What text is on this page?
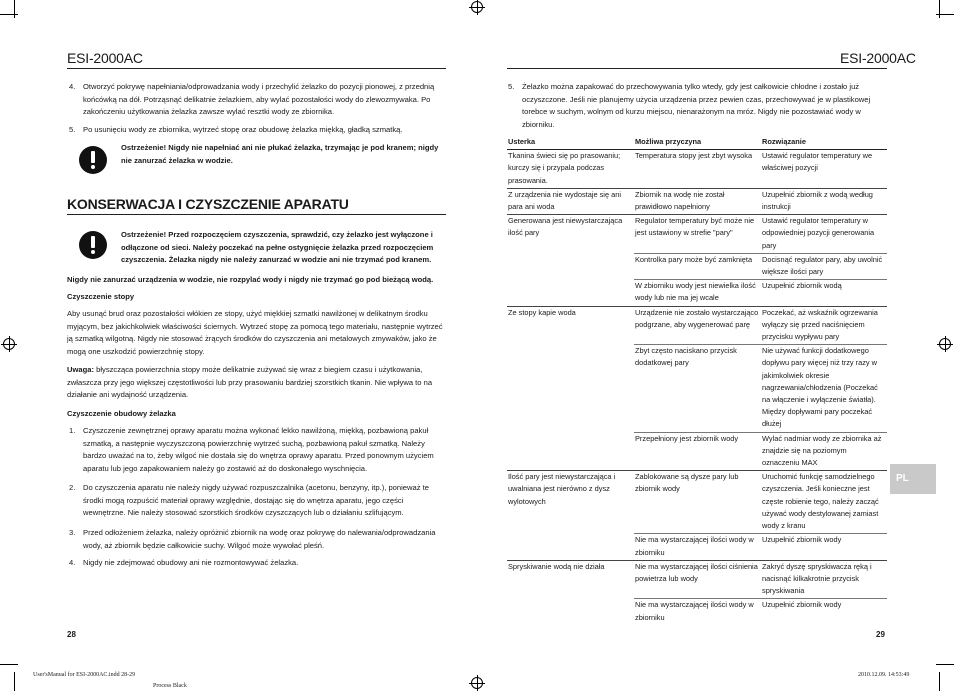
ESI-2000AC
4. Otworzyć pokrywę napełniania/odprowadzania wody i przechylić żelazko do pozycji pionowej, z przednią końcówką na dół. Potrząsnąć delikatnie żelazkiem, aby wylać pozostałości wody do zlewozmywaka. Po zakończeniu użytkowania żelazka zawsze wylać resztki wody ze zbiornika.
5. Po usunięciu wody ze zbiornika, wytrzeć stopę oraz obudowę żelazka miękką, gładką szmatką.
Ostrzeżenie! Nigdy nie napełniać ani nie płukać żelazka, trzymając je pod kranem; nigdy nie zanurzać żelazka w wodzie.
KONSERWACJA I CZYSZCZENIE APARATU
Ostrzeżenie! Przed rozpoczęciem czyszczenia, sprawdzić, czy żelazko jest wyłączone i odłączone od sieci. Należy poczekać na pełne ostygnięcie żelazka przed rozpoczęciem czyszczenia. Żelazka nigdy nie należy zanurzać w wodzie ani nie trzymać pod kranem.
Nigdy nie zanurzać urządzenia w wodzie, nie rozpylać wody i nigdy nie trzymać go pod bieżącą wodą.
Czyszczenie stopy
Aby usunąć brud oraz pozostałości włókien ze stopy, użyć miękkiej szmatki nawilżonej w delikatnym środku myjącym, bez jakichkolwiek właściwości ściernych. Wytrzeć stopę za pomocą tego materiału, następnie wytrzeć ją szmatką wilgotną. Nigdy nie stosować żrących środków do czyszczenia ani metalowych zmywaków, jako że mogą one uszkodzić powierzchnię stopy.
Uwaga: błyszcząca powierzchnia stopy może delikatnie zużywać się wraz z biegiem czasu i użytkowania, zwłaszcza przy jego większej częstotliwości lub przy prasowaniu bardziej szorstkich tkanin. Nie wpływa to na działanie ani wydajność urządzenia.
Czyszczenie obudowy żelazka
1. Czyszczenie zewnętrznej oprawy aparatu można wykonać lekko nawilżoną, miękką, pozbawioną pakuł szmatką, a następnie wyczyszczoną powierzchnię wytrzeć suchą, pozbawioną pakuł szmatką. Należy bardzo uważać na to, żeby wilgoć nie dostała się do wnętrza oprawy aparatu. Przed ponownym użyciem aparatu lub jego zapakowaniem należy go zostawić aż do doskonałego wyschnięcia.
2. Do czyszczenia aparatu nie należy nigdy używać rozpuszczalnika (acetonu, benzyny, itp.), ponieważ te środki mogą rozpuścić materiał oprawy względnie, dostając się do wnętrza aparatu, jego części wewnętrzne. Nie należy stosować szorstkich środków czyszczących lub o działaniu szlifującym.
3. Przed odłożeniem żelazka, należy opróżnić zbiornik na wodę oraz pokrywę do nalewania/odprowadzania wody, aż zbiornik będzie całkowicie suchy. Wilgoć może wywołać pleśń.
4. Nigdy nie zdejmować obudowy ani nie rozmontowywać żelazka.
28
ESI-2000AC
5. Żelazko można zapakować do przechowywania tylko wtedy, gdy jest całkowicie chłodne i zostało już oczyszczone. Jeśli nie planujemy użycia urządzenia przez pewien czas, przechowywać je w plastikowej torebce w suchym, wolnym od kurzu miejscu, nienarażonym na mróz. Nigdy nie pozostawiać wody w zbiorniku.
Usterka	Możliwa przyczyna	Rozwiązanie
Tkanina świeci się po prasowaniu; kurczy się i przypala podczas prasowania.	Temperatura stopy jest zbyt wysoka	Ustawić regulator temperatury we właściwej pozycji
Z urządzenia nie wydostaje się ani para ani woda	Zbiornik na wodę nie został prawidłowo napełniony	Uzupełnić zbiornik z wodą według instrukcji
Generowana jest niewystarczająca ilość pary	Regulator temperatury być może nie jest ustawiony w strefie "pary"	Ustawić regulator temperatury w odpowiedniej pozycji generowania pary
	Kontrolka pary może być zamknięta	Docisnąć regulator pary, aby uwolnić większe ilości pary
	W zbiorniku wody jest niewielka ilość wody lub nie ma jej wcale	Uzupełnić zbiornik wodą
Ze stopy kapie woda	Urządzenie nie zostało wystarczająco podgrzane, aby wygenerować parę	Poczekać, aż wskaźnik ogrzewania wyłączy się przed naciśnięciem przycisku wypływu pary
	Zbyt często naciskano przycisk dodatkowej pary	Nie używać funkcji dodatkowego dopływu pary więcej niż trzy razy w jakimkolwiek okresie nagrzewania/chłodzenia (Poczekać na włączenie i wyłączenie światła). Między dopływami pary poczekać dłużej
	Przepełniony jest zbiornik wody	Wylać nadmiar wody ze zbiornika aż znajdzie się na poziomym oznaczeniu MAX
Ilość pary jest niewystarczająca i uwalniana jest nierówno z dysz wylotowych	Zablokowane są dysze pary lub zbiornik wody	Uruchomić funkcję samodzielnego czyszczenia. Jeśli konieczne jest częste robienie tego, należy zacząć używać wody destylowanej zamiast wody z kranu
	Nie ma wystarczającej ilości wody w zbiorniku	Uzupełnić zbiornik wody
Spryskiwanie wodą nie działa	Nie ma wystarczającej ilości ciśnienia powietrza lub wody	Zakryć dyszę spryskiwacza ręką i nacisnąć kilkakrotnie przycisk spryskiwania
	Nie ma wystarczającej ilości wody w zbiorniku	Uzupełnić zbiornik wody
PL
29
User'sManual for ESI-2000AC.indd 28-29
Process Black
2010.12.09. 14:53:49
